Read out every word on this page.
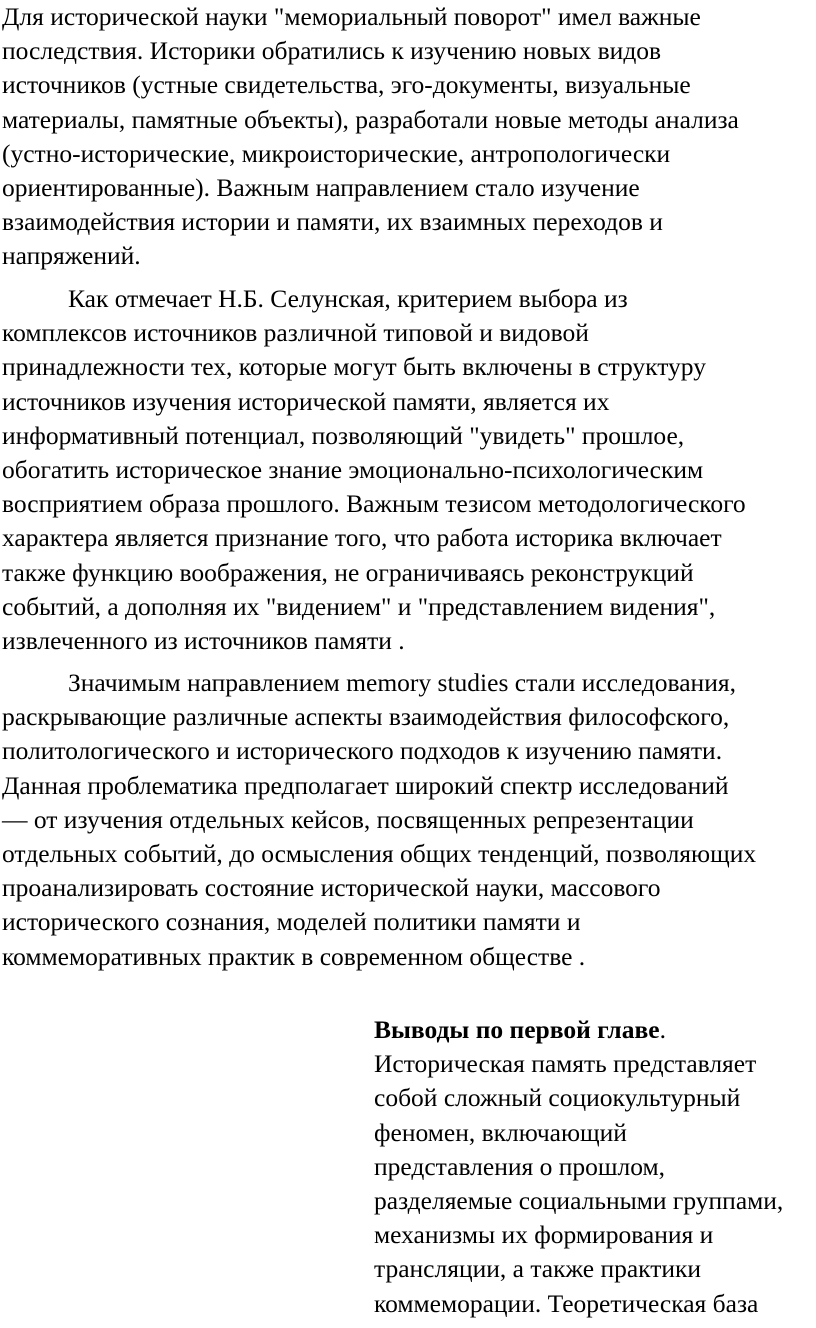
Для исторической науки "мемориальный поворот" имел важные
последствия. Историки обратились к изучению новых видов
источников (устные свидетельства, эго-документы, визуальные
материалы, памятные объекты), разработали новые методы анализа
(устно-исторические, микроисторические, антропологически
ориентированные). Важным направлением стало изучение
взаимодействия истории и памяти, их взаимных переходов и
напряжений.
Как отмечает Н.Б. Селунская, критерием выбора из
комплексов источников различной типовой и видовой
принадлежности тех, которые могут быть включены в структуру
источников изучения исторической памяти, является их
информативный потенциал, позволяющий "увидеть" прошлое,
обогатить историческое знание эмоционально-психологическим
восприятием образа прошлого. Важным тезисом методологического
характера является признание того, что работа историка включает
также функцию воображения, не ограничиваясь реконструкций
событий, а дополняя их "видением" и "представлением видения",
извлеченного из источников памяти .
Значимым направлением memory studies стали исследования,
раскрывающие различные аспекты взаимодействия философского,
политологического и исторического подходов к изучению памяти.
Данная проблематика предполагает широкий спектр исследований
— от изучения отдельных кейсов, посвященных репрезентации
отдельных событий, до осмысления общих тенденций, позволяющих
проанализировать состояние исторической науки, массового
исторического сознания, моделей политики памяти и
коммеморативных практик в современном обществе .
Выводы по первой главе.
Историческая память представляет
собой сложный социокультурный
феномен, включающий
представления о прошлом,
разделяемые социальными группами,
механизмы их формирования и
трансляции, а также практики
коммеморации. Теоретическая база
